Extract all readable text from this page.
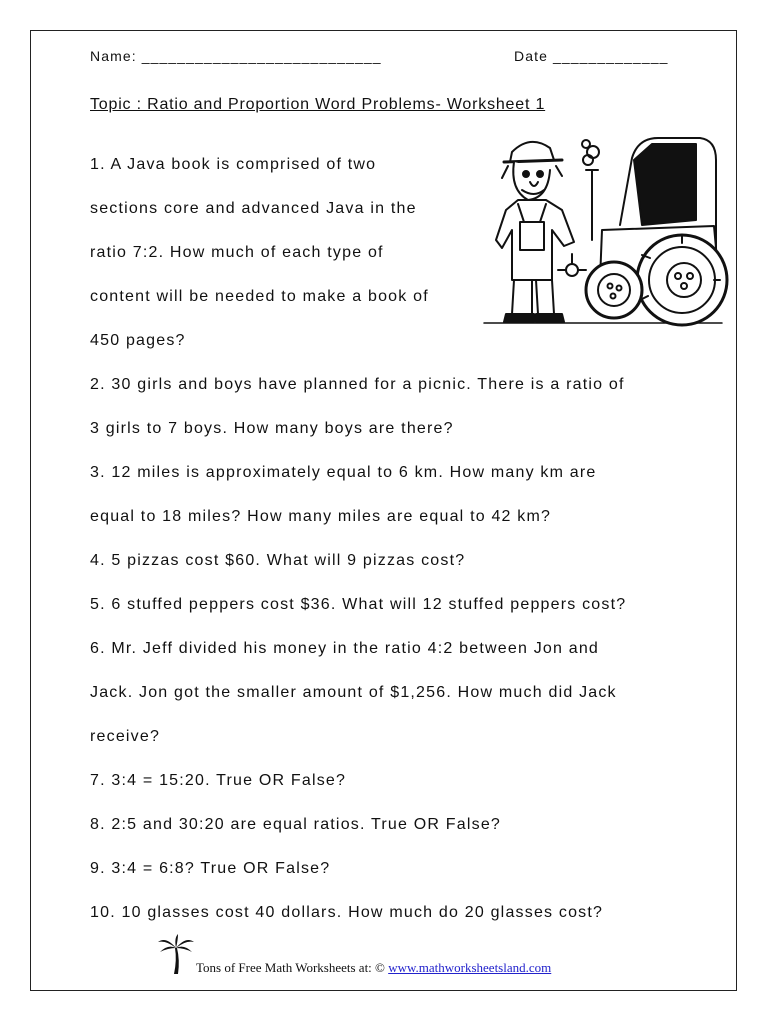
Name: ___________________________	Date _____________
Topic : Ratio and Proportion Word Problems- Worksheet 1
1. A Java book is comprised of two
sections core and advanced Java in the
ratio 7:2. How much of each type of
content will be needed to make a book of
450 pages?
2. 30 girls and boys have planned for a picnic. There is a ratio of
3 girls to 7 boys. How many boys are there?
3. 12 miles is approximately equal to 6 km. How many km are
equal to 18 miles? How many miles are equal to 42 km?
4. 5 pizzas cost $60. What will 9 pizzas cost?
5. 6 stuffed peppers cost $36. What will 12 stuffed peppers cost?
6. Mr. Jeff divided his money in the ratio 4:2 between Jon and
Jack. Jon got the smaller amount of $1,256. How much did Jack
receive?
7. 3:4 = 15:20. True OR False?
8. 2:5 and 30:20 are equal ratios. True OR False?
9. 3:4 = 6:8? True OR False?
10. 10 glasses cost 40 dollars. How much do 20 glasses cost?
Tons of Free Math Worksheets at: © www.mathworksheetsland.com
